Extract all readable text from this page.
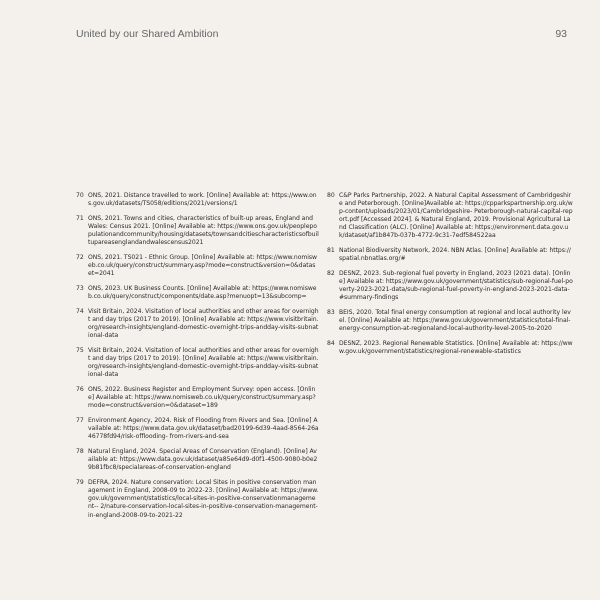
United by our Shared Ambition	93
70 ONS, 2021. Distance travelled to work. [Online] Available at: https://www.ons.gov.uk/datasets/TS058/editions/2021/versions/1
71 ONS, 2021. Towns and cities, characteristics of built-up areas, England and Wales: Census 2021. [Online] Available at: https://www.ons.gov.uk/peoplepopulationandcommunity/housing/datasets/townsandcitiescharacteristicsofbuiltupareasenglandandwalescensus2021
72 ONS, 2021. TS021 - Ethnic Group. [Online] Available at: https://www.nomisweb.co.uk/query/construct/summary.asp?mode=construct&version=0&dataset=2041
73 ONS, 2023. UK Business Counts. [Online] Available at: https://www.nomisweb.co.uk/query/construct/components/date.asp?menuopt=13&subcomp=
74 Visit Britain, 2024. Visitation of local authorities and other areas for overnight and day trips (2017 to 2019). [Online] Available at: https://www.visitbritain.org/research-insights/england-domestic-overnight-trips-andday-visits-subnational-data
75 Visit Britain, 2024. Visitation of local authorities and other areas for overnight and day trips (2017 to 2019). [Online] Available at: https://www.visitbritain.org/research-insights/england-domestic-overnight-trips-andday-visits-subnational-data
76 ONS, 2022. Business Register and Employment Survey: open access. [Online] Available at: https://www.nomisweb.co.uk/query/construct/summary.asp?mode=construct&version=0&dataset=189
77 Environment Agency, 2024. Risk of Flooding from Rivers and Sea. [Online] Available at: https://www.data.gov.uk/dataset/bad20199-6d39-4aad-8564-26a46778fd94/risk-offlooding- from-rivers-and-sea
78 Natural England, 2024. Special Areas of Conservation (England). [Online] Available at: https://www.data.gov.uk/dataset/a85e64d9-d0f1-4500-9080-b0e29b81fbc8/specialareas-of-conservation-england
79 DEFRA, 2024. Nature conservation: Local Sites in positive conservation management in England, 2008-09 to 2022-23. [Online] Available at: https://www.gov.uk/government/statistics/local-sites-in-positive-conservationmanagement-- 2/nature-conservation-local-sites-in-positive-conservation-management-in-england-2008-09-to-2021-22
80 C&P Parks Partnership, 2022. A Natural Capital Assessment of Cambridgeshire and Peterborough. [Online]Available at: https://cpparkspartnership.org.uk/wp-content/uploads/2023/01/Cambridgeshire- Peterborough-natural-capital-report.pdf [Accessed 2024]. & Natural England, 2019. Provisional Agricultural Land Classification (ALC). [Online] Available at: https://environment.data.gov.uk/dataset/af1b847b-037b-4772-9c31-7edf584522aa
81 National Biodiversity Network, 2024. NBN Atlas. [Online] Available at: https://spatial.nbnatlas.org/#
82 DESNZ, 2023. Sub-regional fuel poverty in England, 2023 (2021 data). [Online] Available at: https://www.gov.uk/government/statistics/sub-regional-fuel-poverty-2023-2021-data/sub-regional-fuel-poverty-in-england-2023-2021-data-#summary-findings
83 BEIS, 2020. Total final energy consumption at regional and local authority level. [Online] Available at: https://www.gov.uk/government/statistics/total-final-energy-consumption-at-regionaland-local-authority-level-2005-to-2020
84 DESNZ, 2023. Regional Renewable Statistics. [Online] Available at: https://www.gov.uk/government/statistics/regional-renewable-statistics
